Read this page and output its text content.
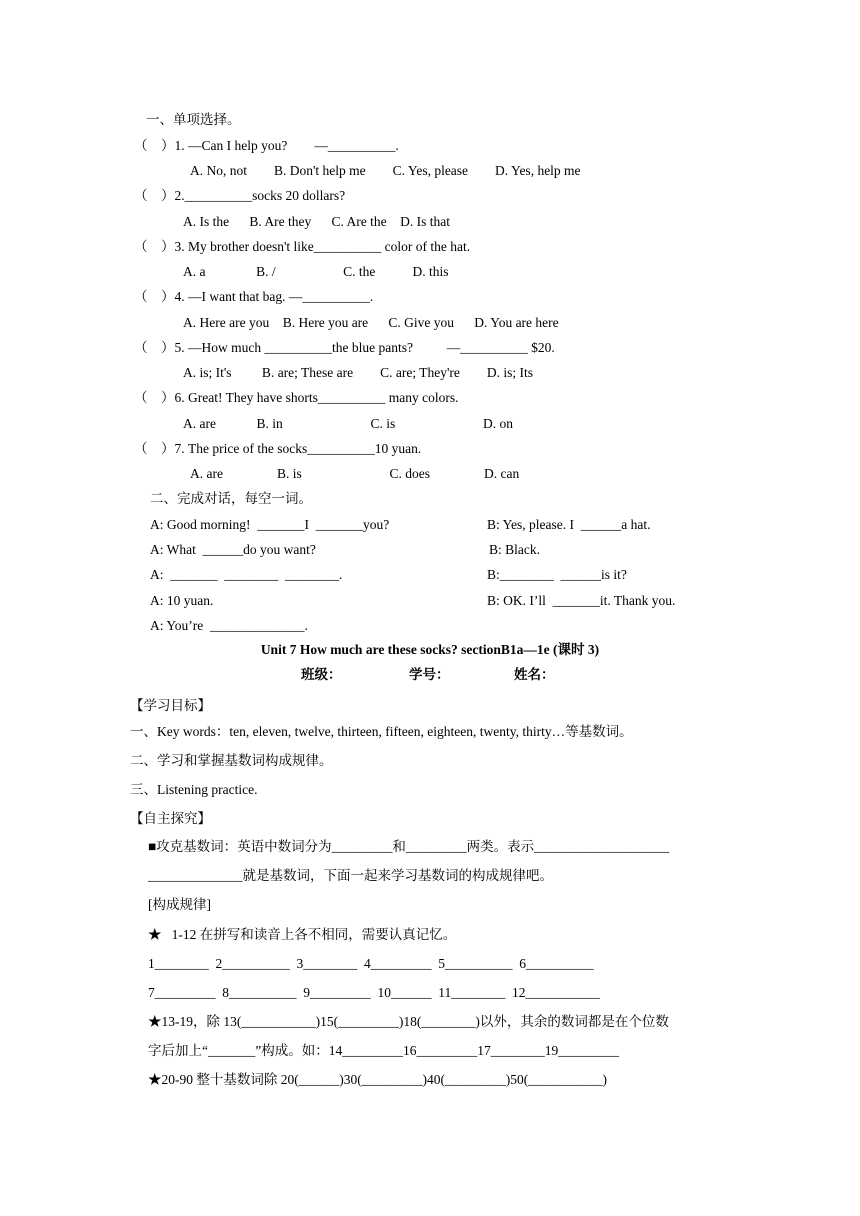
一、单项选择。
（    ）1. —Can I help you?        —__________.
A. No, not        B. Don't help me        C. Yes, please        D. Yes, help me
（    ）2.__________socks 20 dollars?
A. Is the      B. Are they      C. Are the    D. Is that
（    ）3. My brother doesn't like__________ color of the hat.
A. a               B. /                    C. the           D. this
（    ）4. —I want that bag. —__________.
A. Here are you    B. Here you are      C. Give you      D. You are here
（    ）5. —How much __________the blue pants?          —__________ $20.
A. is; It's         B. are; These are        C. are; They're        D. is; Its
（    ）6. Great! They have shorts__________ many colors.
A. are            B. in                          C. is                          D. on
（    ）7. The price of the socks__________10 yuan.
A. are                B. is                          C. does                D. can
二、完成对话，每空一词。
A: Good morning!  _______I  _______you?	B: Yes, please. I  ______a hat.
A: What  ______do you want?	B: Black.
A:  _______  ________  ________.	B:________  ______is it?
A: 10 yuan.	B: OK. I’ll  _______it. Thank you.
A: You’re  ______________.
Unit 7 How much are these socks? sectionB1a—1e (课时 3)
班级：	学号：	姓名：
【学习目标】
一、Key words：ten, eleven, twelve, thirteen, fifteen, eighteen, twenty, thirty…等基数词。
二、学习和掌握基数词构成规律。
三、Listening practice.
【自主探究】
■攻克基数词：英语中数词分为_________和_________两类。表示____________________
______________就是基数词，下面一起来学习基数词的构成规律吧。
[构成规律]
★   1-12 在拼写和读音上各不相同，需要认真记忆。
1________  2__________  3________  4_________  5__________  6__________
7_________  8__________  9_________  10______  11________  12___________
★13-19，除 13(___________)15(_________)18(________)以外，其余的数词都是在个位数
字后加上“_______”构成。如：14_________16_________17________19_________
★20-90 整十基数词除 20(______)30(_________)40(_________)50(___________)
